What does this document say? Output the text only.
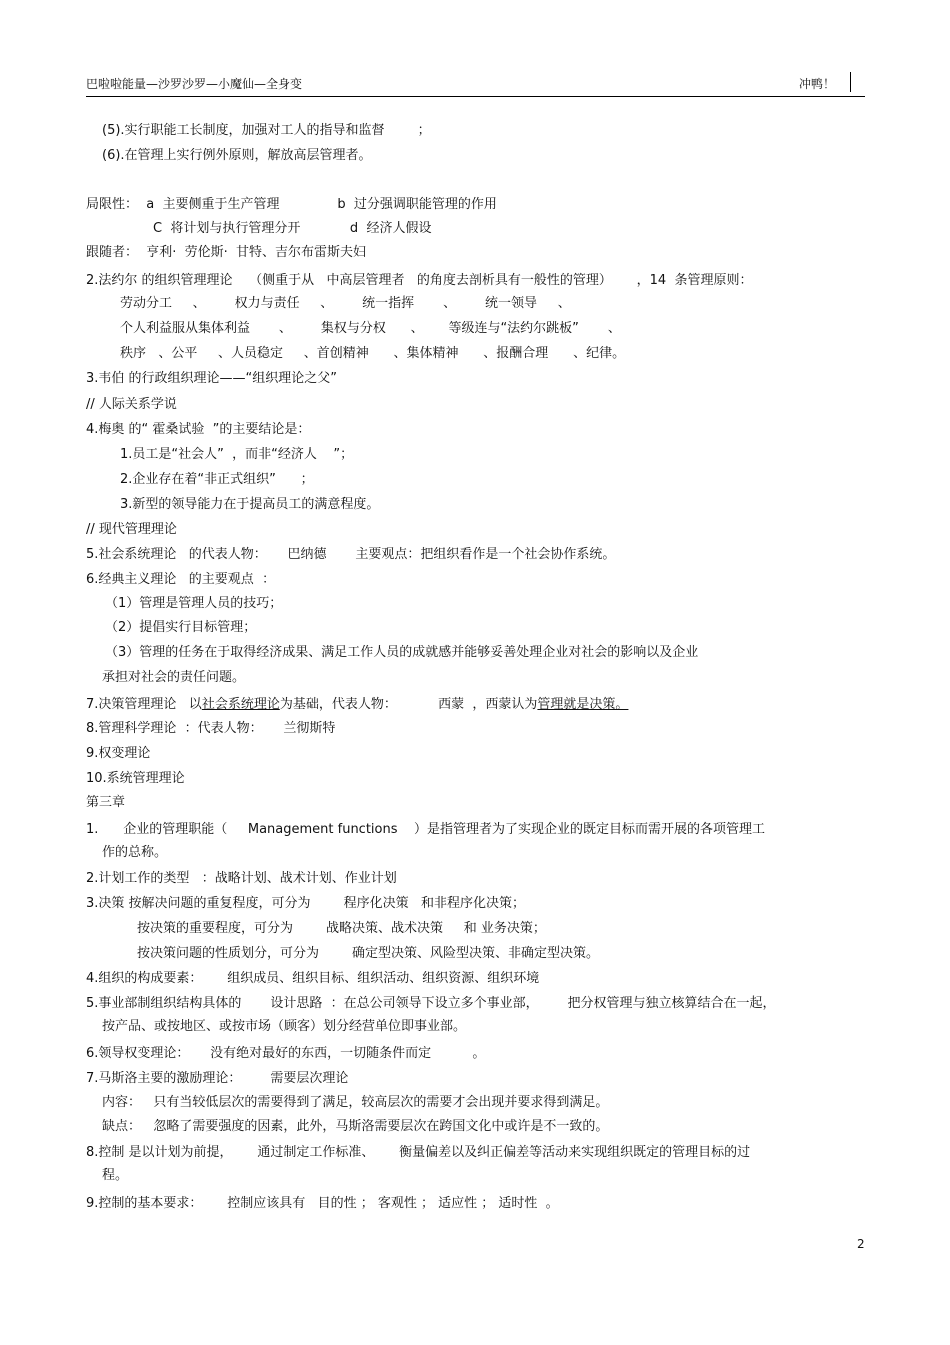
巴啦啦能量—沙罗沙罗—小魔仙—全身变	冲鸭！
(5).实行职能工长制度，加强对工人的指导和监督        ；
(6).在管理上实行例外原则，解放高层管理者。
局限性：  a  主要侧重于生产管理              b  过分强调职能管理的作用
C  将计划与执行管理分开            d  经济人假设
跟随者：  亨利·  劳伦斯·  甘特、吉尔布雷斯夫妇
2.法约尔 的组织管理理论    （侧重于从   中高层管理者   的角度去剖析具有一般性的管理）      ，14  条管理原则：
劳动分工     、       权力与责任     、       统一指挥       、       统一领导     、
个人利益服从集体利益       、       集权与分权      、      等级连与“法约尔跳板”       、
秩序   、公平     、人员稳定     、首创精神      、集体精神      、报酬合理      、纪律。
3.韦伯 的行政组织理论——“组织理论之父”
// 人际关系学说
4.梅奥 的“ 霍桑试验  ”的主要结论是：
1.员工是“社会人”  ，而非“经济人    ”；
2.企业存在着“非正式组织”      ；
3.新型的领导能力在于提高员工的满意程度。
// 现代管理理论
5.社会系统理论   的代表人物：     巴纳德       主要观点：把组织看作是一个社会协作系统。
6.经典主义理论   的主要观点  ：
（1）管理是管理人员的技巧；
（2）提倡实行目标管理；
（3）管理的任务在于取得经济成果、满足工作人员的成就感并能够妥善处理企业对社会的影响以及企业
承担对社会的责任问题。
7.决策管理理论   以社会系统理论为基础，代表人物：          西蒙  ，西蒙认为管理就是决策。
8.管理科学理论  ：代表人物：     兰彻斯特
9.权变理论
10.系统管理理论
第三章
1.      企业的管理职能（     Management functions    ）是指管理者为了实现企业的既定目标而需开展的各项管理工
作的总称。
2.计划工作的类型   ：战略计划、战术计划、作业计划
3.决策 按解决问题的重复程度，可分为        程序化决策   和非程序化决策；
按决策的重要程度，可分为        战略决策、战术决策     和 业务决策；
按决策问题的性质划分，可分为        确定型决策、风险型决策、非确定型决策。
4.组织的构成要素：      组织成员、组织目标、组织活动、组织资源、组织环境
5.事业部制组织结构具体的       设计思路  ：在总公司领导下设立多个事业部，       把分权管理与独立核算结合在一起，
按产品、或按地区、或按市场（顾客）划分经营单位即事业部。
6.领导权变理论：     没有绝对最好的东西，一切随条件而定          。
7.马斯洛主要的激励理论：       需要层次理论
内容：   只有当较低层次的需要得到了满足，较高层次的需要才会出现并要求得到满足。
缺点：   忽略了需要强度的因素，此外，马斯洛需要层次在跨国文化中或许是不一致的。
8.控制 是以计划为前提，      通过制定工作标准、      衡量偏差以及纠正偏差等活动来实现组织既定的管理目标的过
程。
9.控制的基本要求：      控制应该具有   目的性 ； 客观性 ； 适应性 ； 适时性  。
2
